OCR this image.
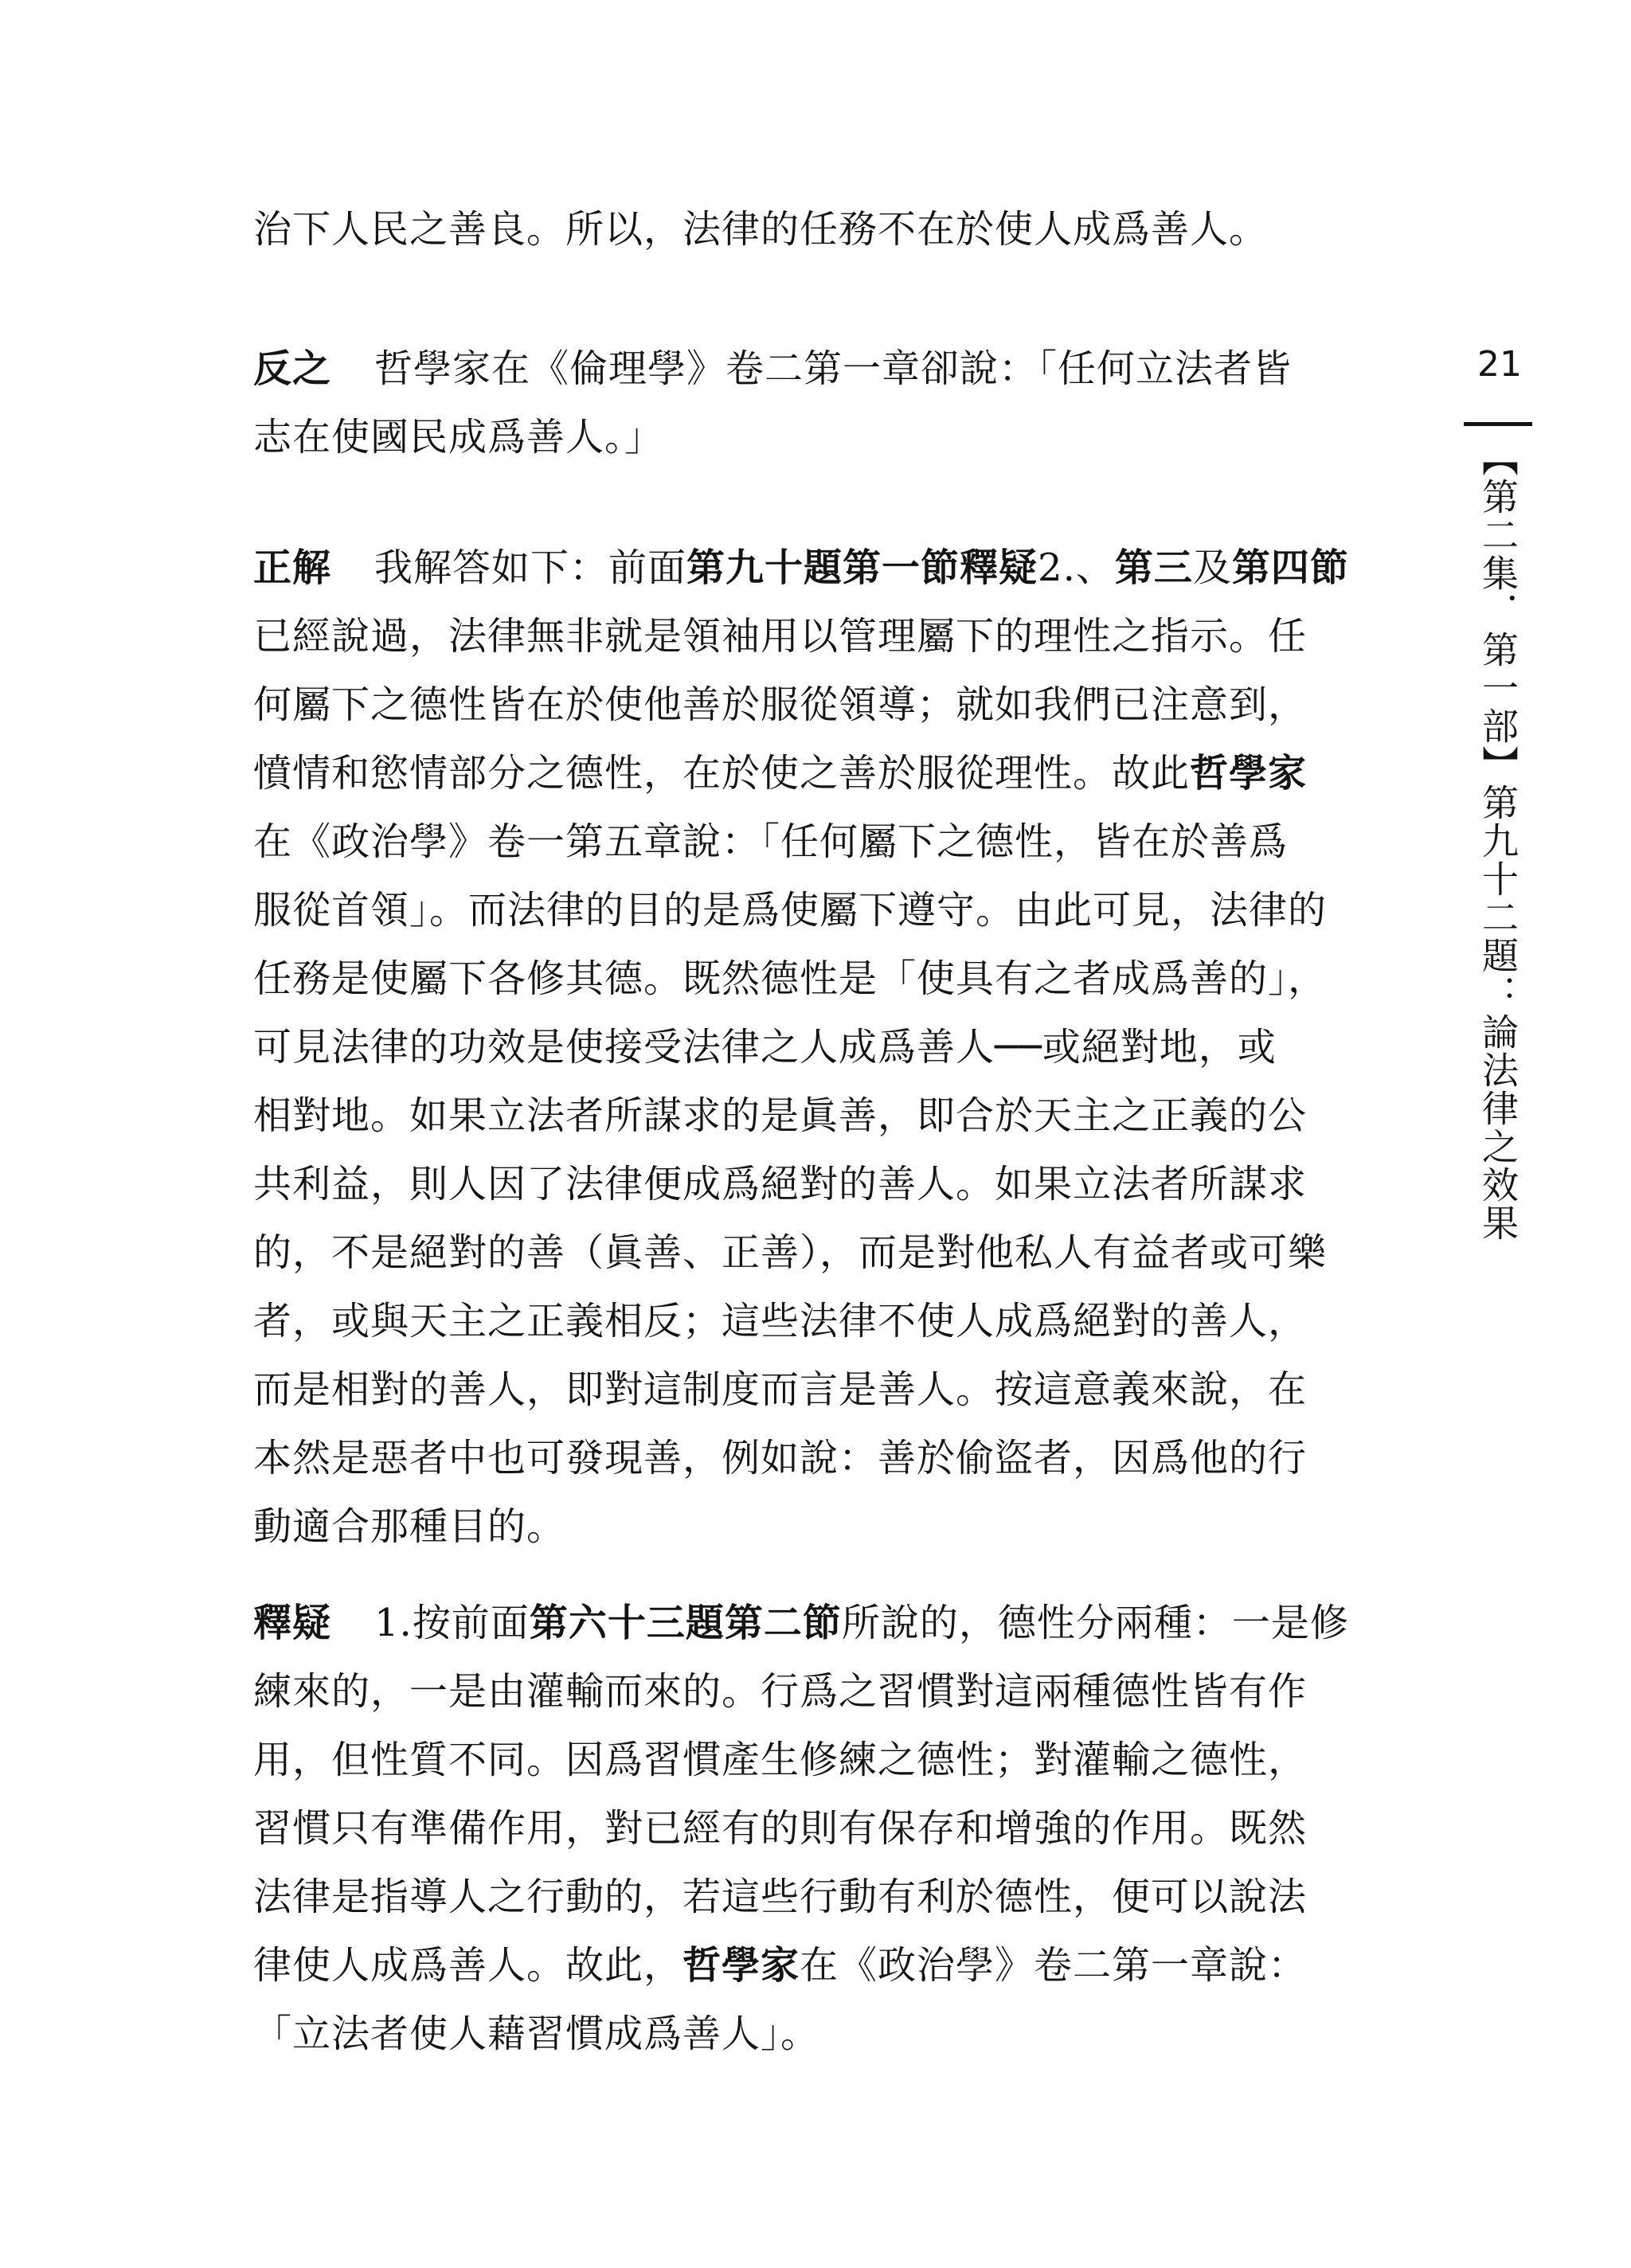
治下人民之善良。所以，法律的任務不在於使人成爲善人。
反之 哲學家在《倫理學》卷二第一章卻說：「任何立法者皆
志在使國民成爲善人。」
正解 我解答如下：前面第九十題第一節釋疑2.、第三及第四節
已經說過，法律無非就是領袖用以管理屬下的理性之指示。任
何屬下之德性皆在於使他善於服從領導；就如我們已注意到，
憤情和慾情部分之德性，在於使之善於服從理性。故此哲學家
在《政治學》卷一第五章說：「任何屬下之德性，皆在於善爲
服從首領」。而法律的目的是爲使屬下遵守。由此可見，法律的
任務是使屬下各修其德。既然德性是「使具有之者成爲善的」，
可見法律的功效是使接受法律之人成爲善人──或絕對地，或
相對地。如果立法者所謀求的是眞善，即合於天主之正義的公
共利益，則人因了法律便成爲絕對的善人。如果立法者所謀求
的，不是絕對的善（眞善、正善），而是對他私人有益者或可樂
者，或與天主之正義相反；這些法律不使人成爲絕對的善人，
而是相對的善人，即對這制度而言是善人。按這意義來說，在
本然是惡者中也可發現善，例如說：善於偷盜者，因爲他的行
動適合那種目的。
釋疑 1.按前面第六十三題第二節所說的，德性分兩種：一是修
練來的，一是由灌輸而來的。行爲之習慣對這兩種德性皆有作
用，但性質不同。因爲習慣產生修練之德性；對灌輸之德性，
習慣只有準備作用，對已經有的則有保存和增強的作用。既然
法律是指導人之行動的，若這些行動有利於德性，便可以說法
律使人成爲善人。故此，哲學家在《政治學》卷二第一章說：
「立法者使人藉習慣成爲善人」。
21
【第二集．第一部】第九十二題：論法律之效果
